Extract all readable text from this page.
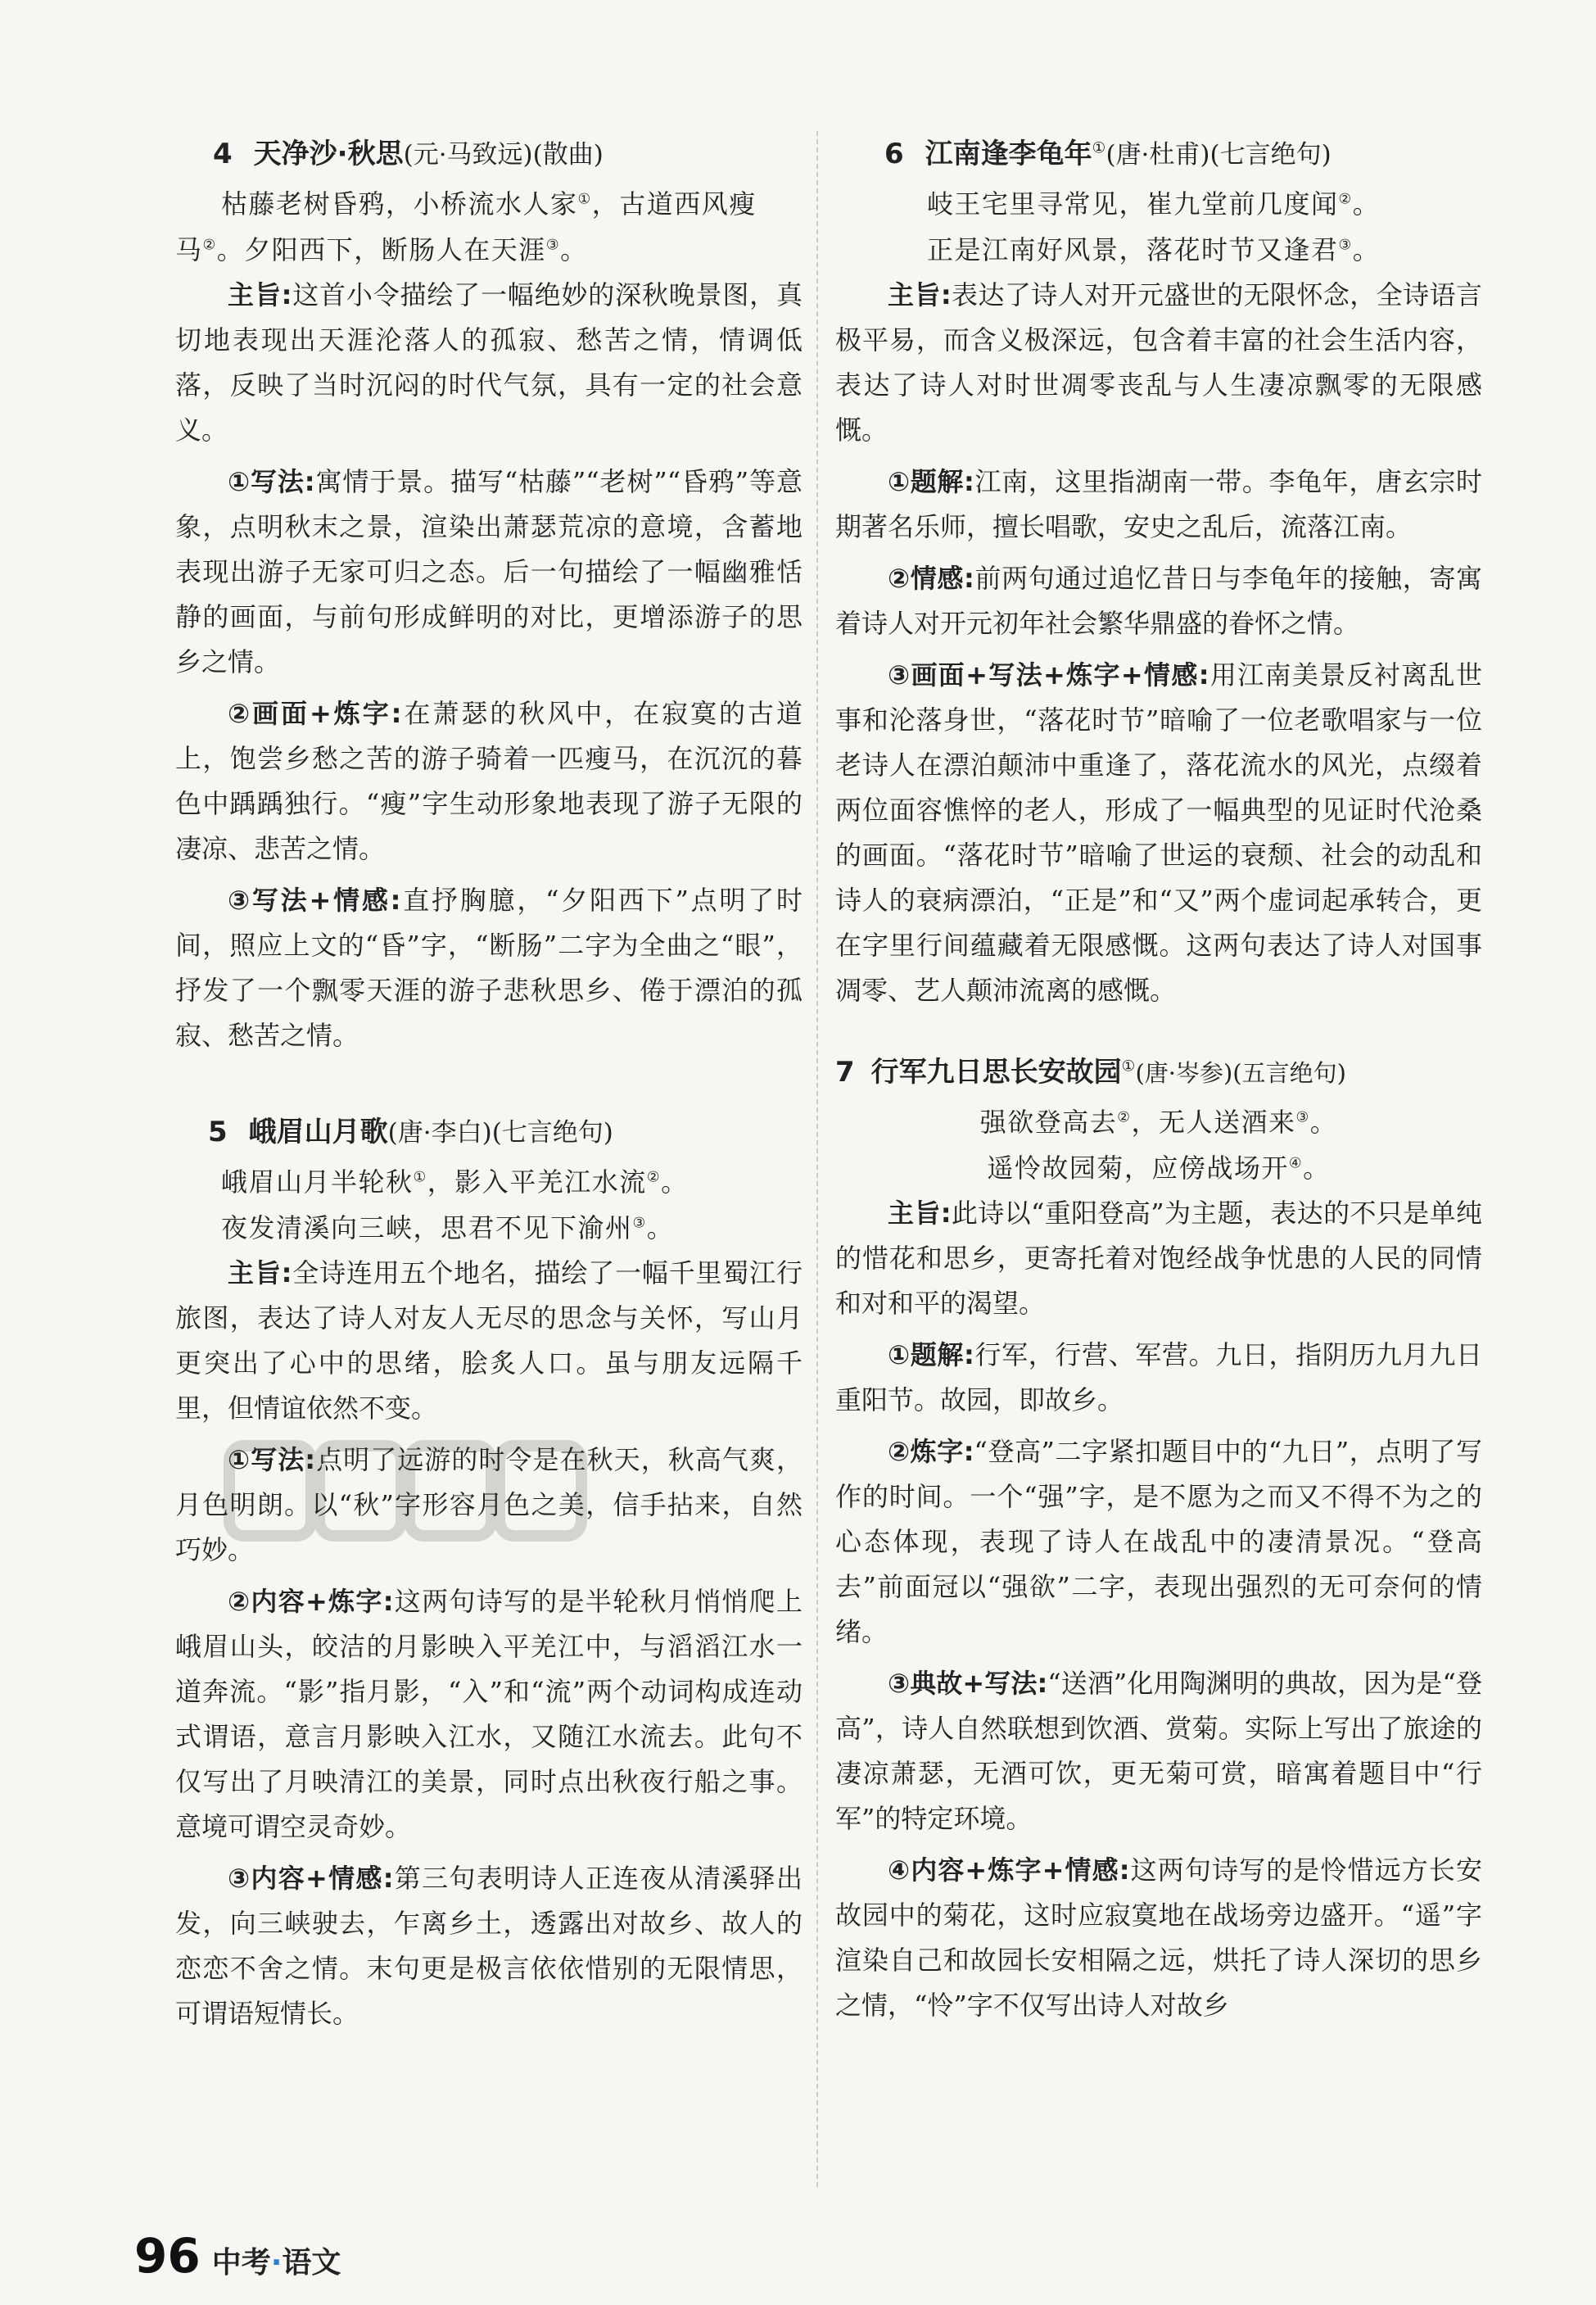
4 天净沙·秋思(元·马致远)(散曲)

枯藤老树昏鸦，小桥流水人家①，古道西风瘦

马②。夕阳西下，断肠人在天涯③。

主旨:这首小令描绘了一幅绝妙的深秋晚景图，真切地表现出天涯沦落人的孤寂、愁苦之情，情调低落，反映了当时沉闷的时代气氛，具有一定的社会意义。

①写法:寓情于景。描写“枯藤”“老树”“昏鸦”等意象，点明秋末之景，渲染出萧瑟荒凉的意境，含蓄地表现出游子无家可归之态。后一句描绘了一幅幽雅恬静的画面，与前句形成鲜明的对比，更增添游子的思乡之情。

②画面+炼字:在萧瑟的秋风中，在寂寞的古道上，饱尝乡愁之苦的游子骑着一匹瘦马，在沉沉的暮色中踽踽独行。“瘦”字生动形象地表现了游子无限的凄凉、悲苦之情。

③写法+情感:直抒胸臆，“夕阳西下”点明了时间，照应上文的“昏”字，“断肠”二字为全曲之“眼”，抒发了一个飘零天涯的游子悲秋思乡、倦于漂泊的孤寂、愁苦之情。

5 峨眉山月歌(唐·李白)(七言绝句)

峨眉山月半轮秋①，影入平羌江水流②。

夜发清溪向三峡，思君不见下渝州③。

主旨:全诗连用五个地名，描绘了一幅千里蜀江行旅图，表达了诗人对友人无尽的思念与关怀，写山月更突出了心中的思绪，脍炙人口。虽与朋友远隔千里，但情谊依然不变。

①写法:点明了远游的时令是在秋天，秋高气爽，月色明朗。以“秋”字形容月色之美，信手拈来，自然巧妙。

②内容+炼字:这两句诗写的是半轮秋月悄悄爬上峨眉山头，皎洁的月影映入平羌江中，与滔滔江水一道奔流。“影”指月影，“入”和“流”两个动词构成连动式谓语，意言月影映入江水，又随江水流去。此句不仅写出了月映清江的美景，同时点出秋夜行船之事。意境可谓空灵奇妙。

③内容+情感:第三句表明诗人正连夜从清溪驿出发，向三峡驶去，乍离乡土，透露出对故乡、故人的恋恋不舍之情。末句更是极言依依惜别的无限情思，可谓语短情长。

6 江南逢李龟年①(唐·杜甫)(七言绝句)

岐王宅里寻常见，崔九堂前几度闻②。

正是江南好风景，落花时节又逢君③。

主旨:表达了诗人对开元盛世的无限怀念，全诗语言极平易，而含义极深远，包含着丰富的社会生活内容，表达了诗人对时世凋零丧乱与人生凄凉飘零的无限感慨。

①题解:江南，这里指湖南一带。李龟年，唐玄宗时期著名乐师，擅长唱歌，安史之乱后，流落江南。

②情感:前两句通过追忆昔日与李龟年的接触，寄寓着诗人对开元初年社会繁华鼎盛的眷怀之情。

③画面+写法+炼字+情感:用江南美景反衬离乱世事和沦落身世，“落花时节”暗喻了一位老歌唱家与一位老诗人在漂泊颠沛中重逢了，落花流水的风光，点缀着两位面容憔悴的老人，形成了一幅典型的见证时代沧桑的画面。“落花时节”暗喻了世运的衰颓、社会的动乱和诗人的衰病漂泊，“正是”和“又”两个虚词起承转合，更在字里行间蕴藏着无限感慨。这两句表达了诗人对国事凋零、艺人颠沛流离的感慨。

7 行军九日思长安故园①(唐·岑参)(五言绝句)

强欲登高去②，无人送酒来③。

遥怜故园菊，应傍战场开④。

主旨:此诗以“重阳登高”为主题，表达的不只是单纯的惜花和思乡，更寄托着对饱经战争忧患的人民的同情和对和平的渴望。

①题解:行军，行营、军营。九日，指阴历九月九日重阳节。故园，即故乡。

②炼字:“登高”二字紧扣题目中的“九日”，点明了写作的时间。一个“强”字，是不愿为之而又不得不为之的心态体现，表现了诗人在战乱中的凄清景况。“登高去”前面冠以“强欲”二字，表现出强烈的无可奈何的情绪。

③典故+写法:“送酒”化用陶渊明的典故，因为是“登高”，诗人自然联想到饮酒、赏菊。实际上写出了旅途的凄凉萧瑟，无酒可饮，更无菊可赏，暗寓着题目中“行军”的特定环境。

④内容+炼字+情感:这两句诗写的是怜惜远方长安故园中的菊花，这时应寂寞地在战场旁边盛开。“遥”字渲染自己和故园长安相隔之远，烘托了诗人深切的思乡之情，“怜”字不仅写出诗人对故乡

96 中考·语文
